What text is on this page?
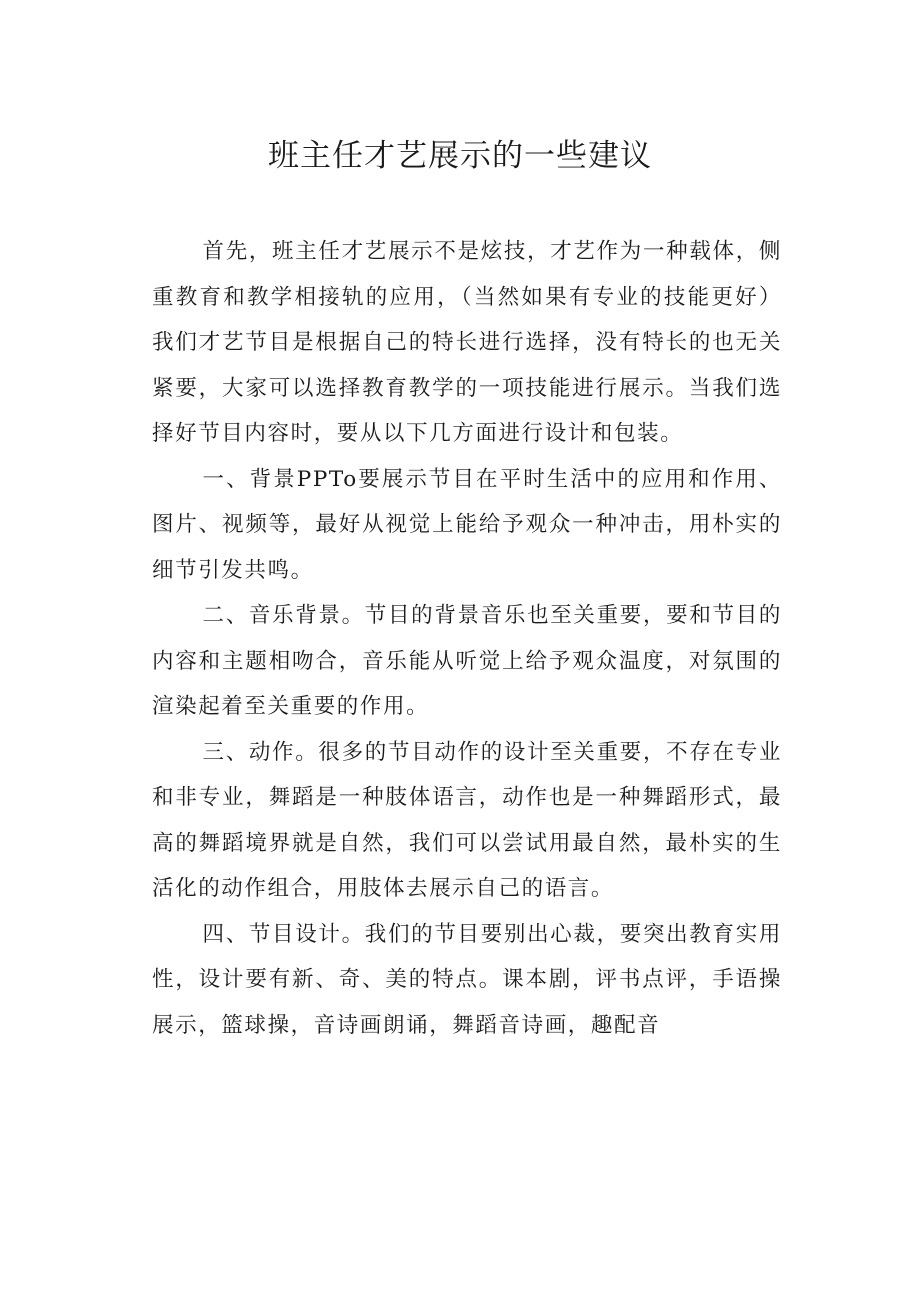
班主任才艺展示的一些建议

首先，班主任才艺展示不是炫技，才艺作为一种载体，侧重教育和教学相接轨的应用，（当然如果有专业的技能更好）我们才艺节目是根据自己的特长进行选择，没有特长的也无关紧要，大家可以选择教育教学的一项技能进行展示。当我们选择好节目内容时，要从以下几方面进行设计和包装。

一、背景PPTo要展示节目在平时生活中的应用和作用、图片、视频等，最好从视觉上能给予观众一种冲击，用朴实的细节引发共鸣。

二、音乐背景。节目的背景音乐也至关重要，要和节目的内容和主题相吻合，音乐能从听觉上给予观众温度，对氛围的渲染起着至关重要的作用。

三、动作。很多的节目动作的设计至关重要，不存在专业和非专业，舞蹈是一种肢体语言，动作也是一种舞蹈形式，最高的舞蹈境界就是自然，我们可以尝试用最自然，最朴实的生活化的动作组合，用肢体去展示自己的语言。

四、节目设计。我们的节目要别出心裁，要突出教育实用性，设计要有新、奇、美的特点。课本剧，评书点评，手语操展示，篮球操，音诗画朗诵，舞蹈音诗画，趣配音
